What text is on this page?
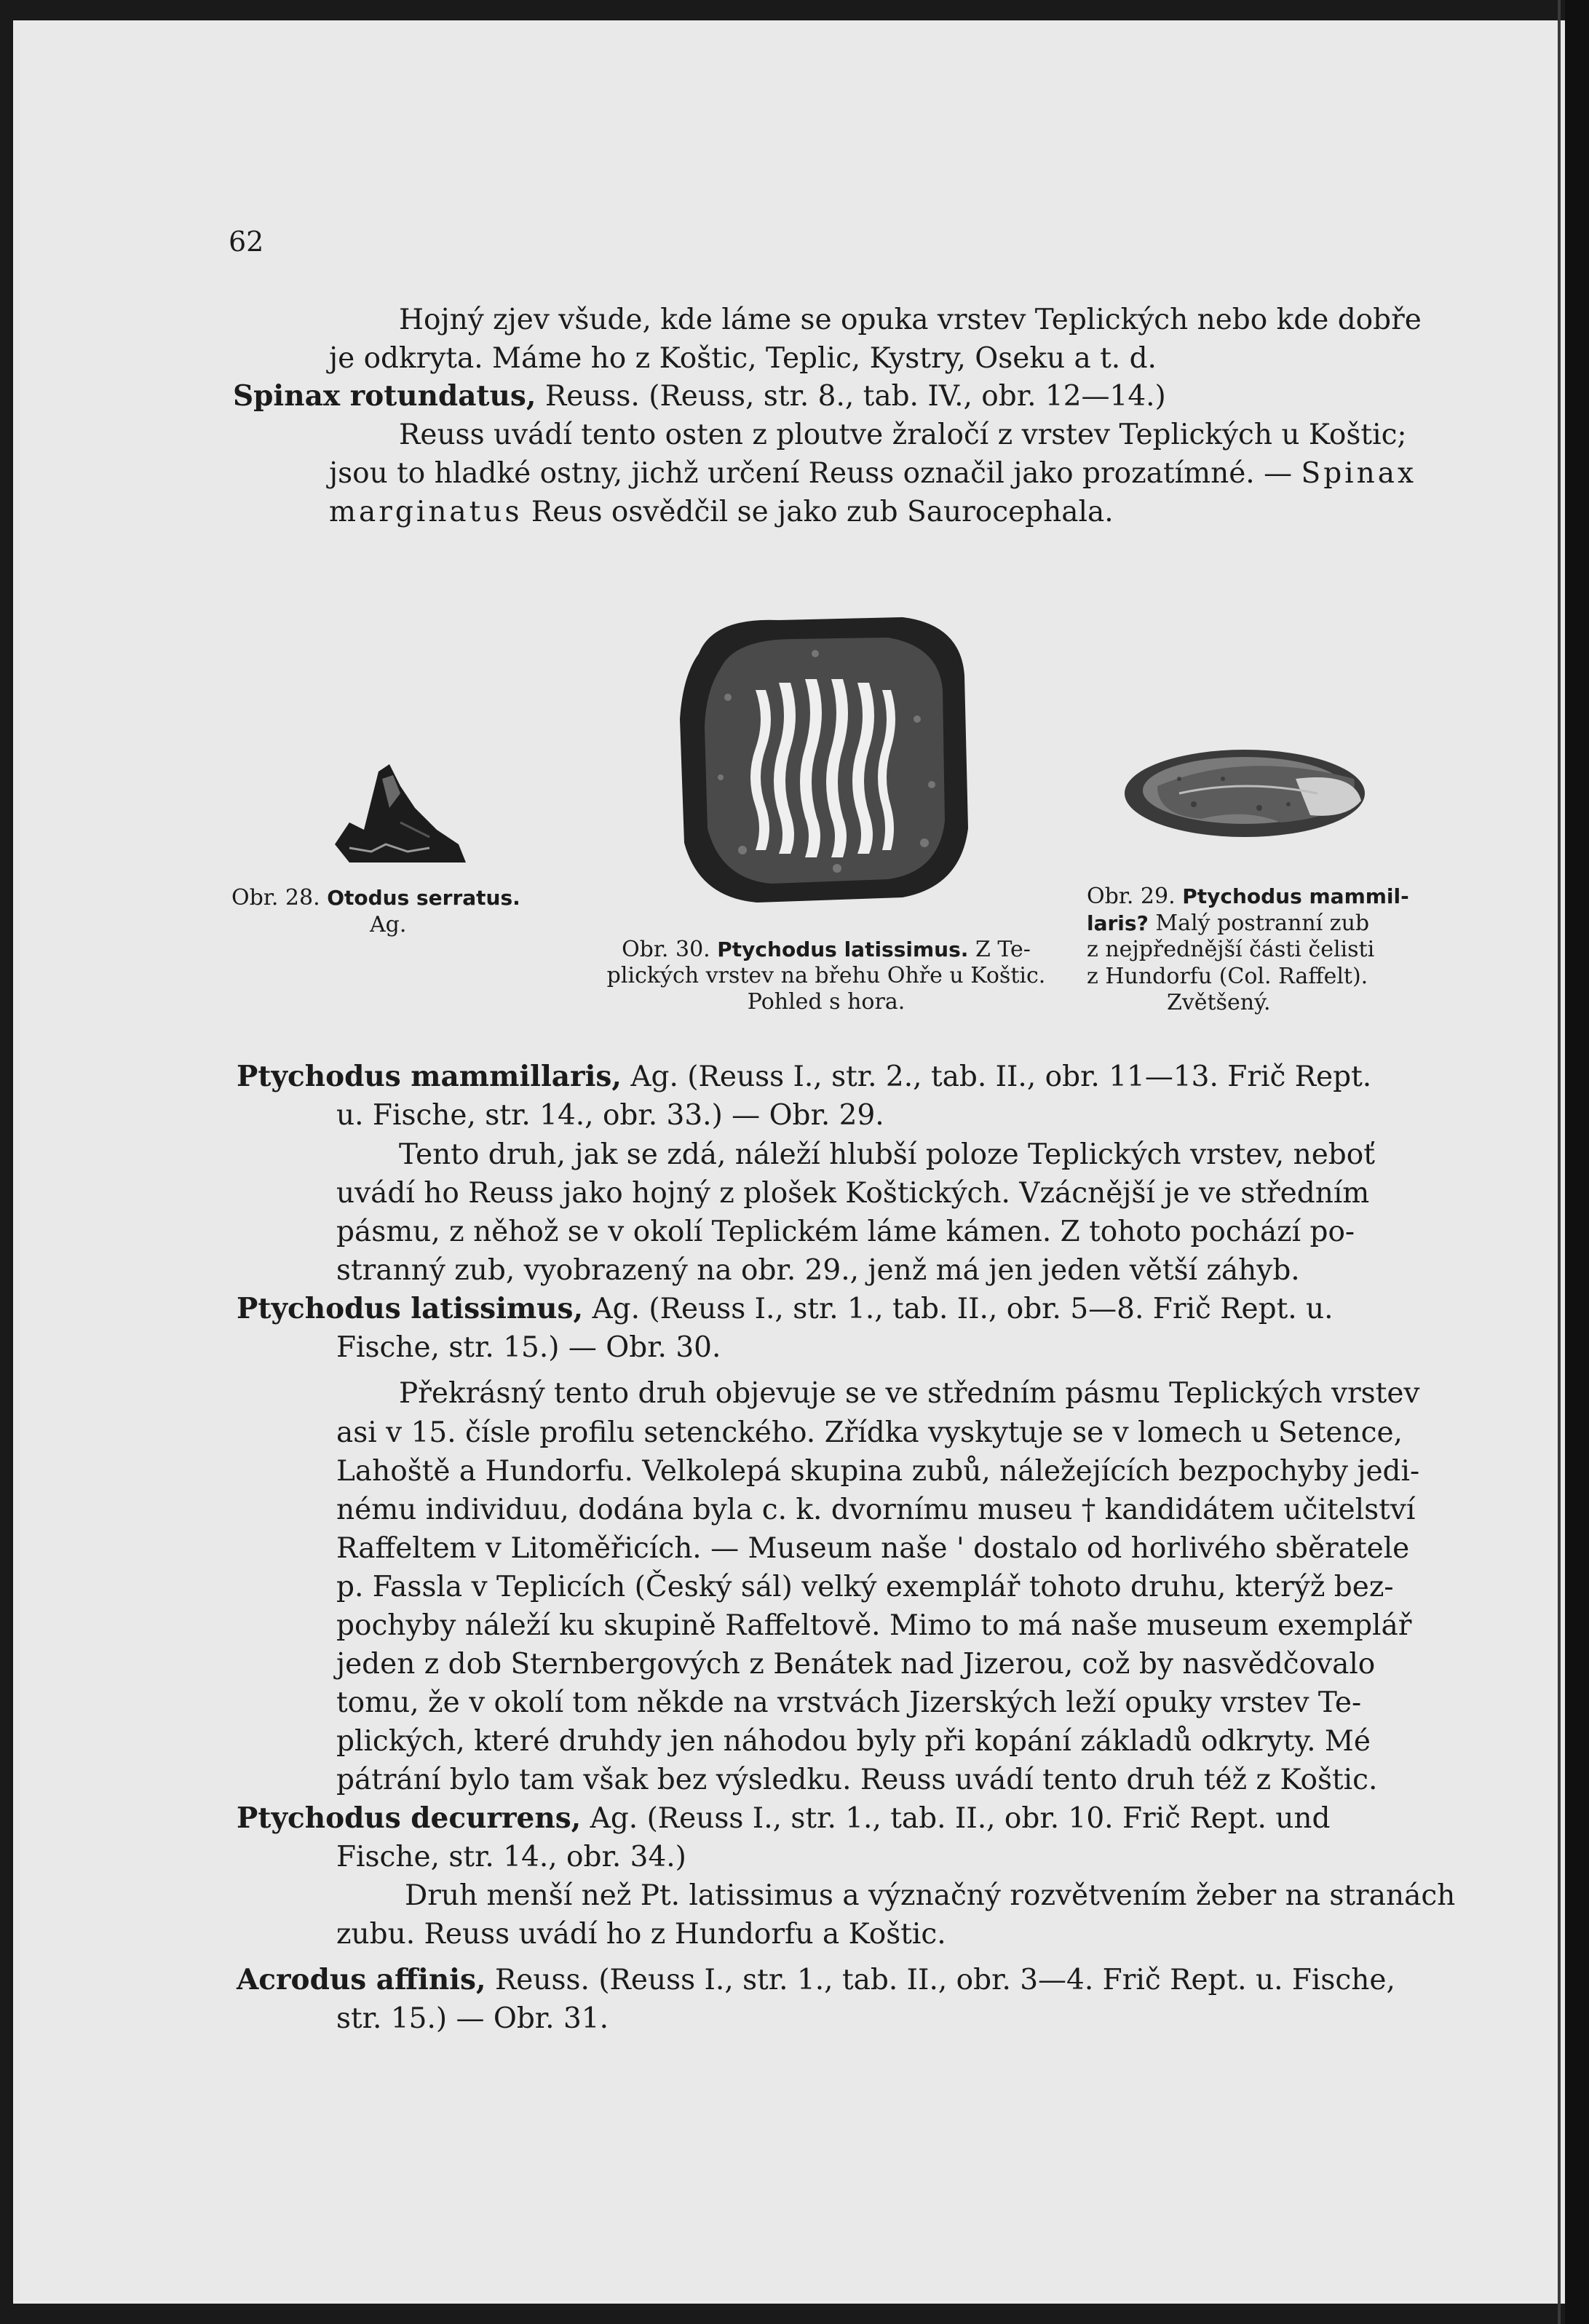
62
Hojný zjev všude, kde láme se opuka vrstev Teplických nebo kde dobře
je odkryta. Máme ho z Koštic, Teplic, Kystry, Oseku a t. d.
Spinax rotundatus, Reuss. (Reuss, str. 8., tab. IV., obr. 12—14.)
Reuss uvádí tento osten z ploutve žraločí z vrstev Teplických u Koštic;
jsou to hladké ostny, jichž určení Reuss označil jako prozatímné. — Spinax
marginatus Reus osvědčil se jako zub Saurocephala.
Obr. 28. Otodus serratus.
Ag.
Obr. 30. Ptychodus latissimus. Z Te-
plických vrstev na břehu Ohře u Koštic.
Pohled s hora.
Obr. 29. Ptychodus mammil-
laris? Malý postranní zub
z nejpřednější části čelisti
z Hundorfu (Col. Raffelt).
Zvětšený.
Ptychodus mammillaris, Ag. (Reuss I., str. 2., tab. II., obr. 11—13. Frič Rept.
u. Fische, str. 14., obr. 33.) — Obr. 29.
Tento druh, jak se zdá, náleží hlubší poloze Teplických vrstev, neboť
uvádí ho Reuss jako hojný z plošek Koštických. Vzácnější je ve středním
pásmu, z něhož se v okolí Teplickém láme kámen. Z tohoto pochází po-
stranný zub, vyobrazený na obr. 29., jenž má jen jeden větší záhyb.
Ptychodus latissimus, Ag. (Reuss I., str. 1., tab. II., obr. 5—8. Frič Rept. u.
Fische, str. 15.) — Obr. 30.
Překrásný tento druh objevuje se ve středním pásmu Teplických vrstev
asi v 15. čísle profilu setenckého. Zřídka vyskytuje se v lomech u Setence,
Lahoště a Hundorfu. Velkolepá skupina zubů, náležejících bezpochyby jedi-
nému individuu, dodána byla c. k. dvornímu museu † kandidátem učitelství
Raffeltem v Litoměřicích. — Museum naše ' dostalo od horlivého sběratele
p. Fassla v Teplicích (Český sál) velký exemplář tohoto druhu, kterýž bez-
pochyby náleží ku skupině Raffeltově. Mimo to má naše museum exemplář
jeden z dob Sternbergových z Benátek nad Jizerou, což by nasvědčovalo
tomu, že v okolí tom někde na vrstvách Jizerských leží opuky vrstev Te-
plických, které druhdy jen náhodou byly při kopání základů odkryty. Mé
pátrání bylo tam však bez výsledku. Reuss uvádí tento druh též z Koštic.
Ptychodus decurrens, Ag. (Reuss I., str. 1., tab. II., obr. 10. Frič Rept. und
Fische, str. 14., obr. 34.)
Druh menší než Pt. latissimus a význačný rozvětvením žeber na stranách
zubu. Reuss uvádí ho z Hundorfu a Koštic.
Acrodus affinis, Reuss. (Reuss I., str. 1., tab. II., obr. 3—4. Frič Rept. u. Fische,
str. 15.) — Obr. 31.
